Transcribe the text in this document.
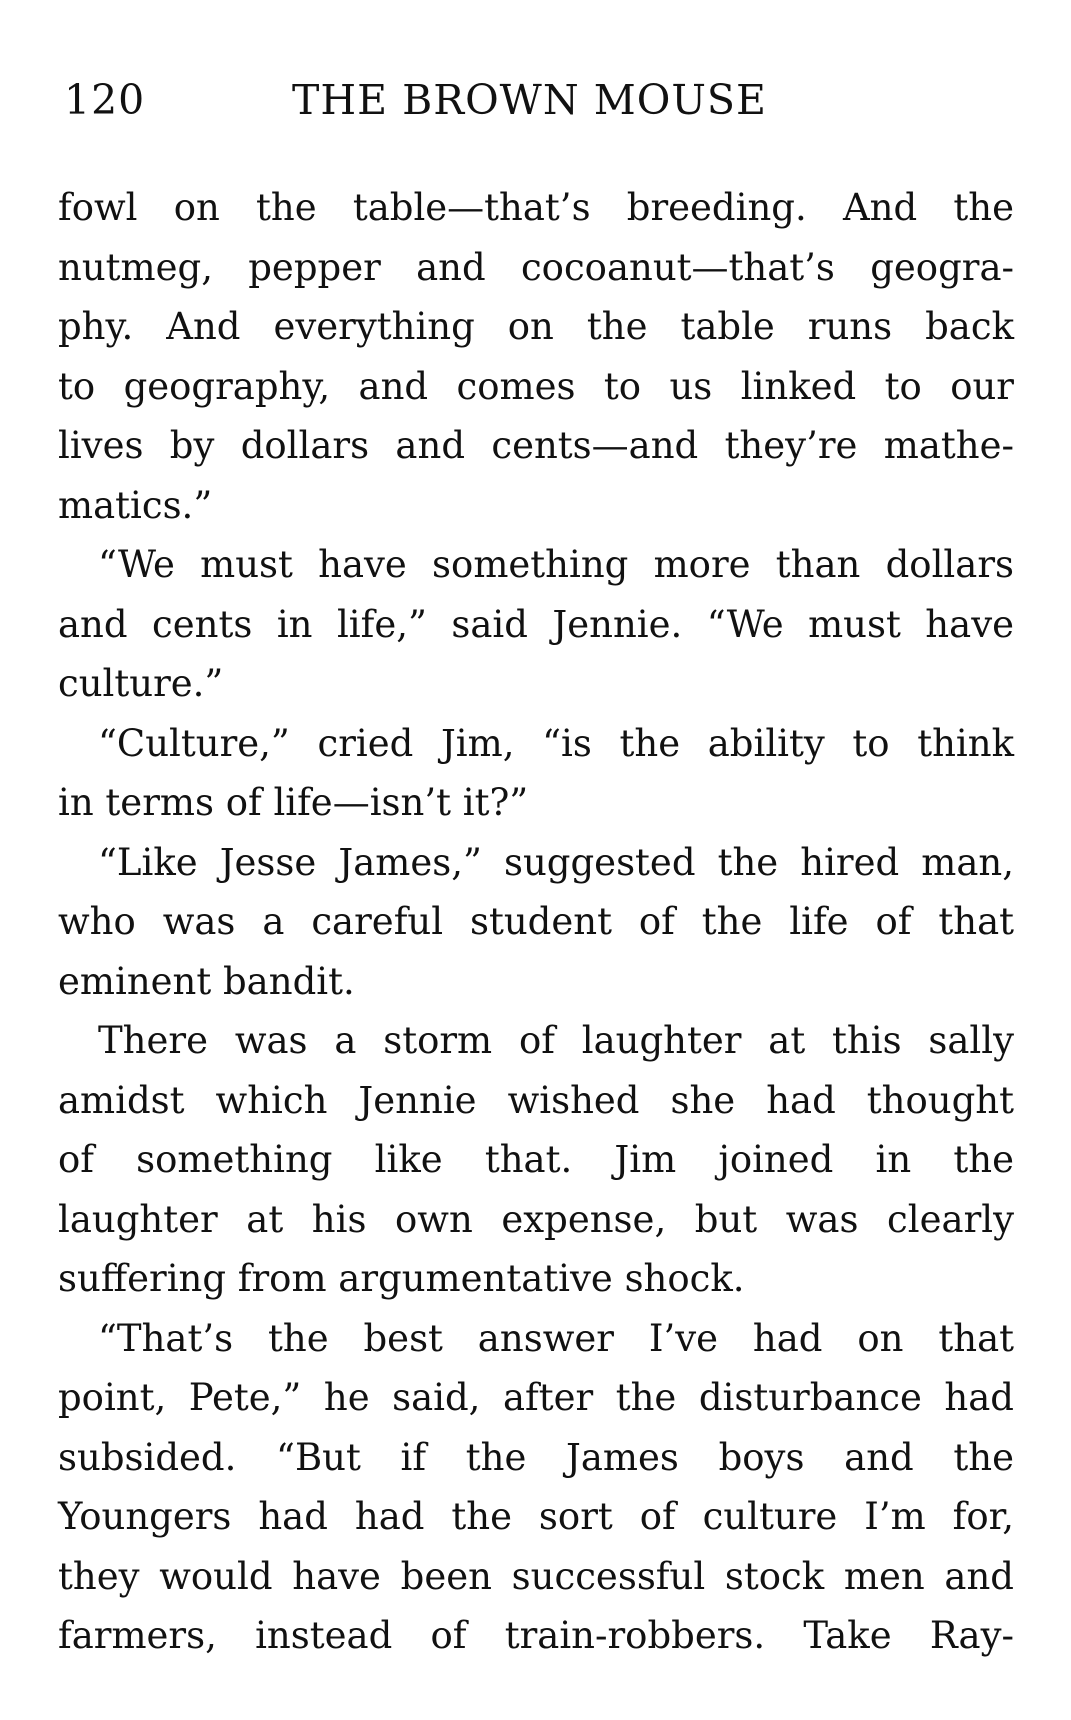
120	THE BROWN MOUSE
fowl on the table—that’s breeding. And the
nutmeg, pepper and cocoanut—that’s geogra-
phy. And everything on the table runs back
to geography, and comes to us linked to our
lives by dollars and cents—and they’re mathe-
matics.”
“We must have something more than dollars
and cents in life,” said Jennie. “We must have
culture.”
“Culture,” cried Jim, “is the ability to think
in terms of life—isn’t it?”
“Like Jesse James,” suggested the hired man,
who was a careful student of the life of that
eminent bandit.
There was a storm of laughter at this sally
amidst which Jennie wished she had thought
of something like that. Jim joined in the
laughter at his own expense, but was clearly
suffering from argumentative shock.
“That’s the best answer I’ve had on that
point, Pete,” he said, after the disturbance had
subsided. “But if the James boys and the
Youngers had had the sort of culture I’m for,
they would have been successful stock men and
farmers, instead of train-robbers. Take Ray-
